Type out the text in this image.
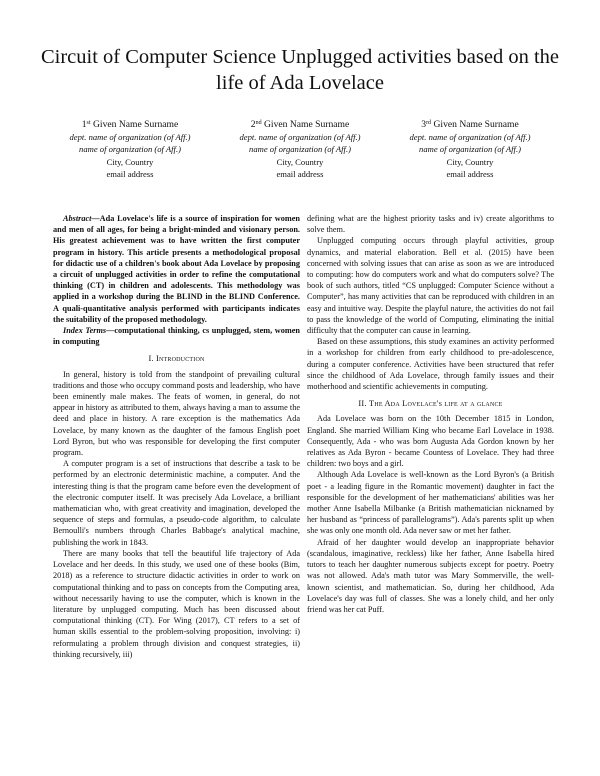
Circuit of Computer Science Unplugged activities based on the life of Ada Lovelace
1st Given Name Surname
dept. name of organization (of Aff.)
name of organization (of Aff.)
City, Country
email address
2nd Given Name Surname
dept. name of organization (of Aff.)
name of organization (of Aff.)
City, Country
email address
3rd Given Name Surname
dept. name of organization (of Aff.)
name of organization (of Aff.)
City, Country
email address

Abstract—Ada Lovelace's life is a source of inspiration for women and men of all ages, for being a bright-minded and visionary person. His greatest achievement was to have written the first computer program in history. This article presents a methodological proposal for didactic use of a children's book about Ada Lovelace by proposing a circuit of unplugged activities in order to refine the computational thinking (CT) in children and adolescents. This methodology was applied in a workshop during the BLIND in the BLIND Conference. A quali-quantitative analysis performed with participants indicates the suitability of the proposed methodology.

Index Terms—computational thinking, cs unplugged, stem, women in computing

I. Introduction

In general, history is told from the standpoint of prevailing cultural traditions and those who occupy command posts and leadership, who have been eminently male makes. The feats of women, in general, do not appear in history as attributed to them, always having a man to assume the deed and place in history. A rare exception is the mathematics Ada Lovelace, by many known as the daughter of the famous English poet Lord Byron, but who was responsible for developing the first computer program.

A computer program is a set of instructions that describe a task to be performed by an electronic deterministic machine, a computer. And the interesting thing is that the program came before even the development of the electronic computer itself. It was precisely Ada Lovelace, a brilliant mathematician who, with great creativity and imagination, developed the sequence of steps and formulas, a pseudo-code algorithm, to calculate Bernoulli's numbers through Charles Babbage's analytical machine, publishing the work in 1843.

There are many books that tell the beautiful life trajectory of Ada Lovelace and her deeds. In this study, we used one of these books (Bim, 2018) as a reference to structure didactic activities in order to work on computational thinking and to pass on concepts from the Computing area, without necessarily having to use the computer, which is known in the literature by unplugged computing. Much has been discussed about computational thinking (CT). For Wing (2017), CT refers to a set of human skills essential to the problem-solving proposition, involving: i) reformulating a problem through division and conquest strategies, ii) thinking recursively, iii)

defining what are the highest priority tasks and iv) create algorithms to solve them.

Unplugged computing occurs through playful activities, group dynamics, and material elaboration. Bell et al. (2015) have been concerned with solving issues that can arise as soon as we are introduced to computing: how do computers work and what do computers solve? The book of such authors, titled “CS unplugged: Computer Science without a Computer”, has many activities that can be reproduced with children in an easy and intuitive way. Despite the playful nature, the activities do not fail to pass the knowledge of the world of Computing, eliminating the initial difficulty that the computer can cause in learning.

Based on these assumptions, this study examines an activity performed in a workshop for children from early childhood to pre-adolescence, during a computer conference. Activities have been structured that refer since the childhood of Ada Lovelace, through family issues and their motherhood and scientific achievements in computing.

II. The Ada Lovelace's life at a glance

Ada Lovelace was born on the 10th December 1815 in London, England. She married William King who became Earl Lovelace in 1938. Consequently, Ada - who was born Augusta Ada Gordon known by her relatives as Ada Byron - became Countess of Lovelace. They had three children: two boys and a girl.

Although Ada Lovelace is well-known as the Lord Byron's (a British poet - a leading figure in the Romantic movement) daughter in fact the responsible for the development of her mathematicians' abilities was her mother Anne Isabella Milbanke (a British mathematician nicknamed by her husband as “princess of parallelograms”). Ada's parents split up when she was only one month old. Ada never saw or met her father.

Afraid of her daughter would develop an inappropriate behavior (scandalous, imaginative, reckless) like her father, Anne Isabella hired tutors to teach her daughter numerous subjects except for poetry. Poetry was not allowed. Ada's math tutor was Mary Sommerville, the well-known scientist, and mathematician. So, during her childhood, Ada Lovelace's day was full of classes. She was a lonely child, and her only friend was her cat Puff.
